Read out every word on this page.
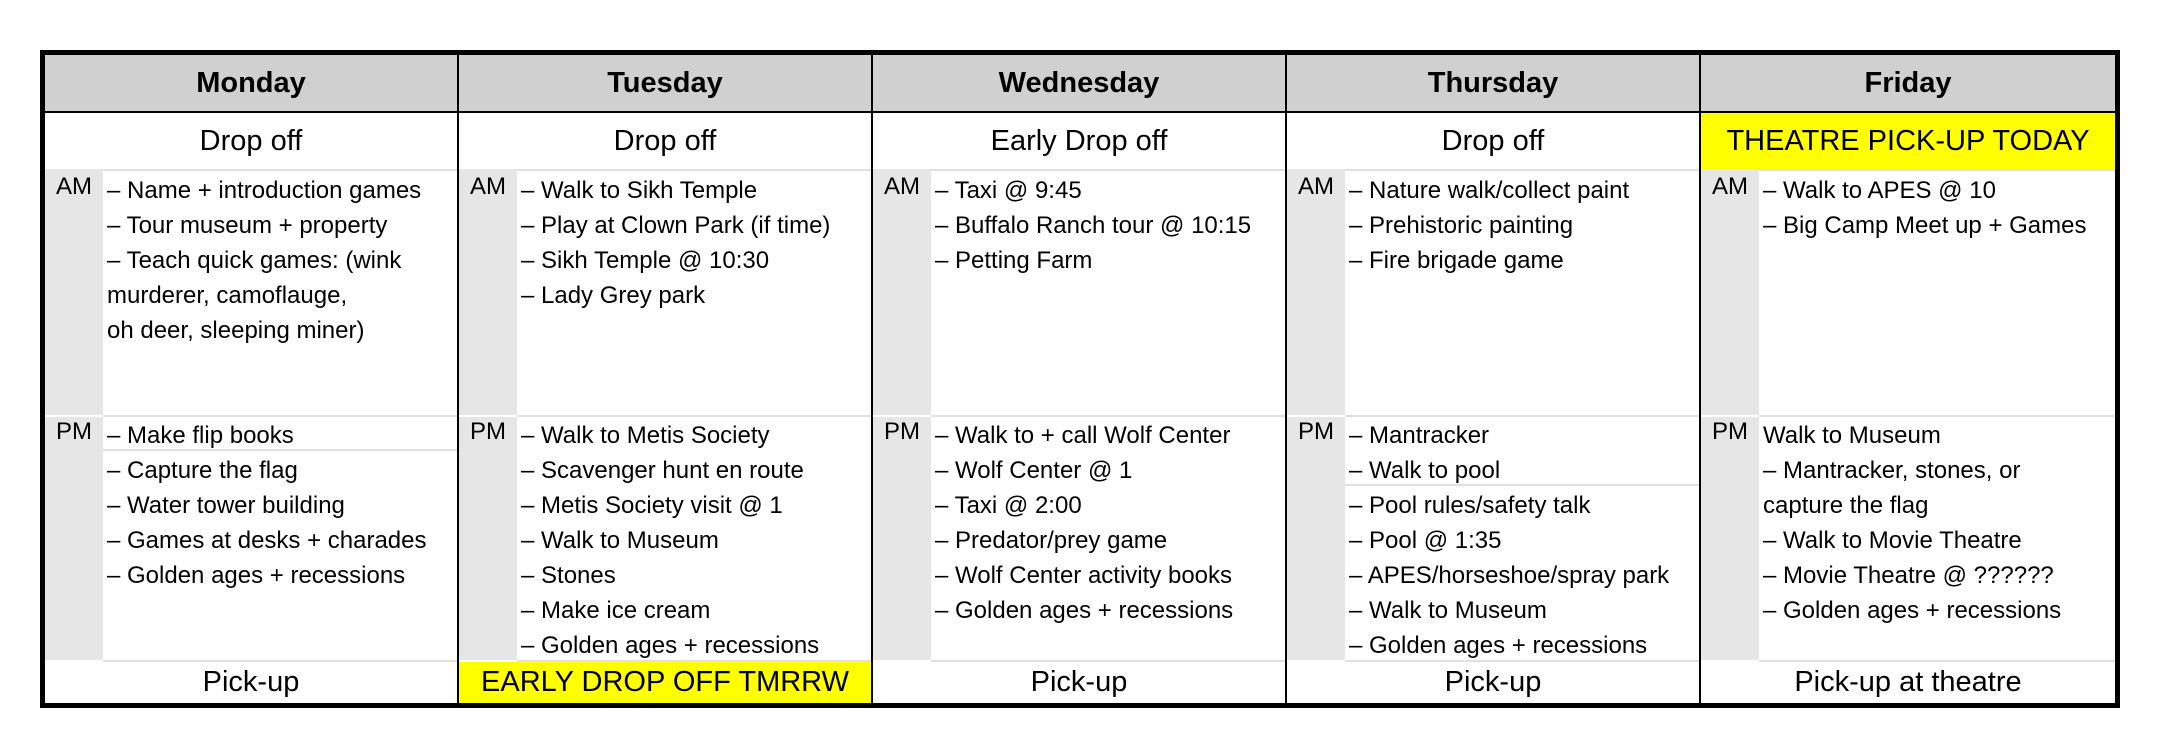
Monday
Drop off
AM – Name + introduction games
– Tour museum + property
– Teach quick games: (wink
murderer, camoflauge,
oh deer, sleeping miner)
PM – Make flip books
– Capture the flag
– Water tower building
– Games at desks + charades
– Golden ages + recessions
Pick-up
Tuesday
Drop off
AM – Walk to Sikh Temple
– Play at Clown Park (if time)
– Sikh Temple @ 10:30
– Lady Grey park
PM – Walk to Metis Society
– Scavenger hunt en route
– Metis Society visit @ 1
– Walk to Museum
– Stones
– Make ice cream
– Golden ages + recessions
EARLY DROP OFF TMRRW
Wednesday
Early Drop off
AM – Taxi @ 9:45
– Buffalo Ranch tour @ 10:15
– Petting Farm
PM – Walk to + call Wolf Center
– Wolf Center @ 1
– Taxi @ 2:00
– Predator/prey game
– Wolf Center activity books
– Golden ages + recessions
Pick-up
Thursday
Drop off
AM – Nature walk/collect paint
– Prehistoric painting
– Fire brigade game
PM – Mantracker
– Walk to pool
– Pool rules/safety talk
– Pool @ 1:35
– APES/horseshoe/spray park
– Walk to Museum
– Golden ages + recessions
Pick-up
Friday
THEATRE PICK-UP TODAY
AM – Walk to APES @ 10
– Big Camp Meet up + Games
PM Walk to Museum
– Mantracker, stones, or
capture the flag
– Walk to Movie Theatre
– Movie Theatre @ ??????
– Golden ages + recessions
Pick-up at theatre
